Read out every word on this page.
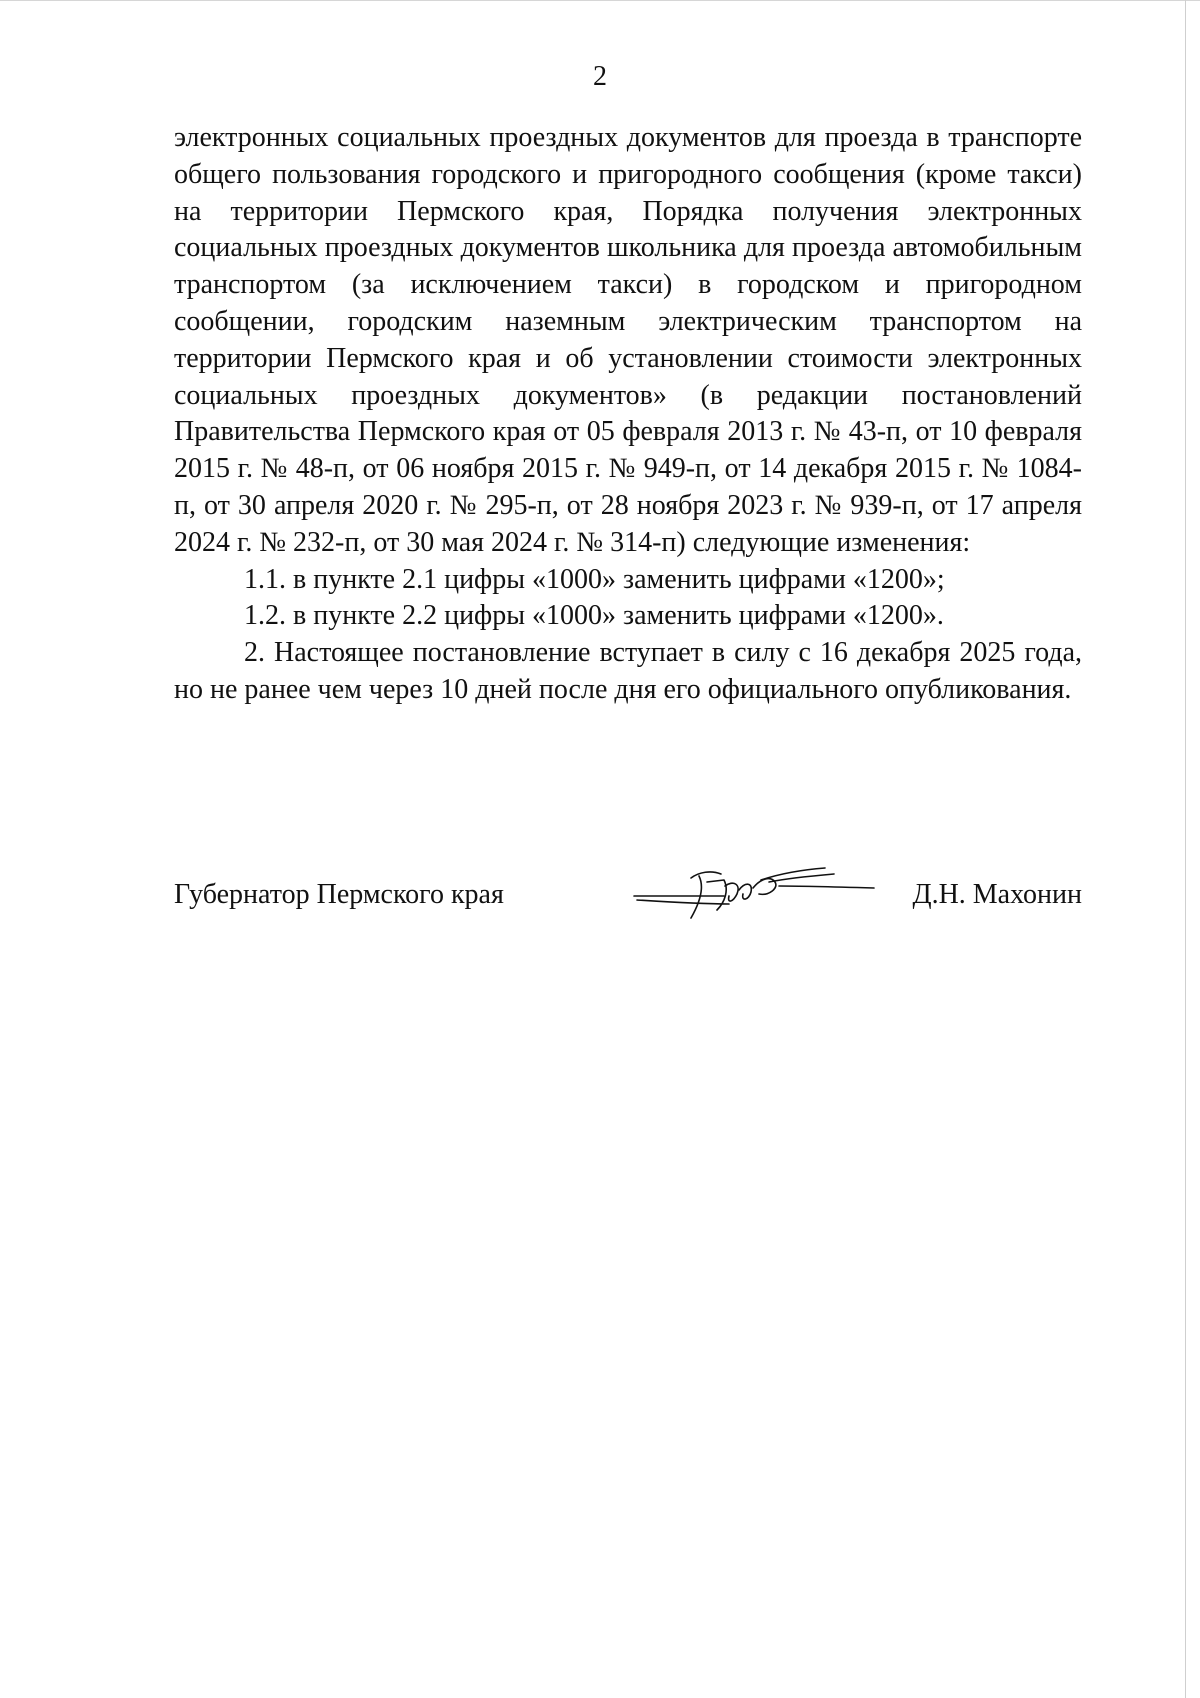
2

электронных социальных проездных документов для проезда в транспорте общего пользования городского и пригородного сообщения (кроме такси) на территории Пермского края, Порядка получения электронных социальных проездных документов школьника для проезда автомобильным транспортом (за исключением такси) в городском и пригородном сообщении, городским наземным электрическим транспортом на территории Пермского края и об установлении стоимости электронных социальных проездных документов» (в редакции постановлений Правительства Пермского края от 05 февраля 2013 г. № 43-п, от 10 февраля 2015 г. № 48-п, от 06 ноября 2015 г. № 949-п, от 14 декабря 2015 г. № 1084-п, от 30 апреля 2020 г. № 295-п, от 28 ноября 2023 г. № 939-п, от 17 апреля 2024 г. № 232-п, от 30 мая 2024 г. № 314-п) следующие изменения:

1.1. в пункте 2.1 цифры «1000» заменить цифрами «1200»;

1.2. в пункте 2.2 цифры «1000» заменить цифрами «1200».

2. Настоящее постановление вступает в силу с 16 декабря 2025 года, но не ранее чем через 10 дней после дня его официального опубликования.

Губернатор Пермского края	Д.Н. Махонин
